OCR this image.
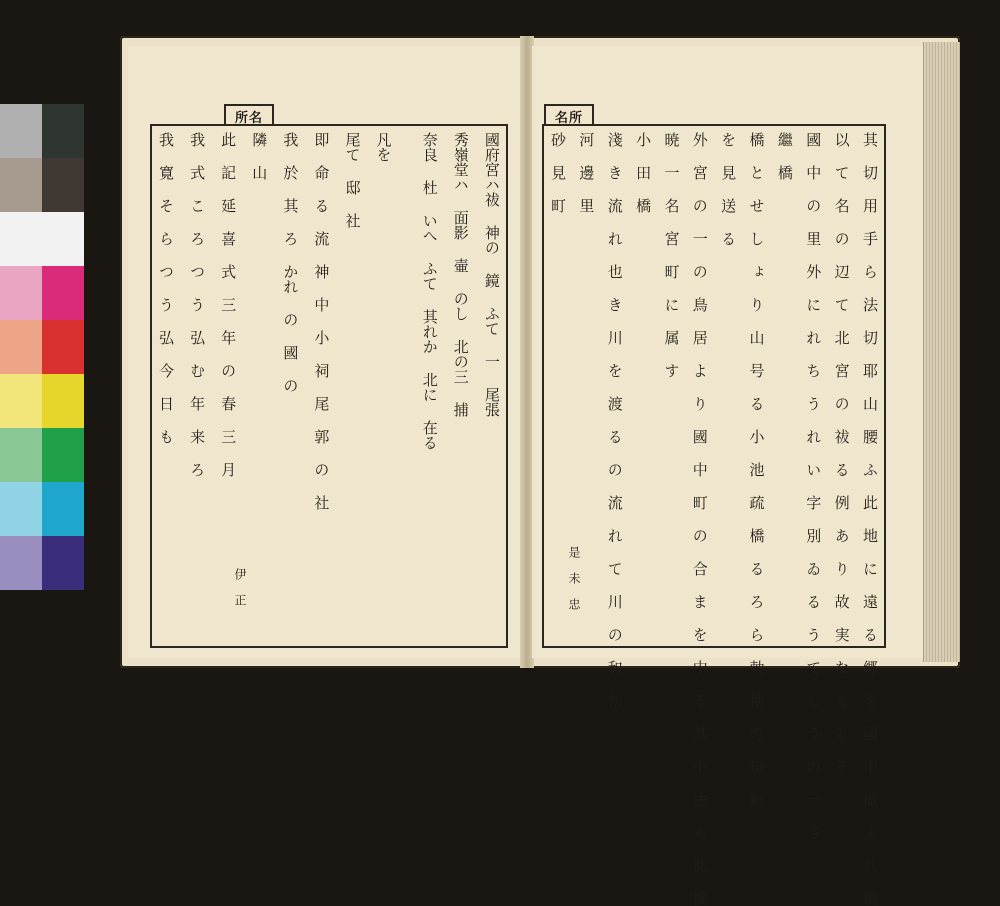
所名
國府宮ハ祓 神の 鏡 ふて 一 尾張
秀嶺堂ハ 面影 壷 のし 北の三 捕
奈良 杜 いへ ふて 其れか 北に 在る
凡を
尾て 邸 社
即 命 る 流 神 中 小 祠 尾 郭 の 社
我 於 其 ろ かれ の 國 の
隣 山
此 記 延 喜 式 三 年 の 春 三 月
我 式 こ ろ つ う 弘 む 年 来 ろ
我 寛 そ ら つ う 弘 今 日 も
伊 正
名所
其 切 用 手 ら 法 切 耶 山 腰 ふ 此 地 に 遠 る 郷 を 國 中 撤 ふ 八 橋
以 て 名 の 辺 て 北 宮 の 祓 る 例 あ り 故 実 な る と そ
國 中 の 里 外 に れ ち う れ い 字 別 ゐ る う て し う の 一 さ
繼 橋
橋 と せ し ょ り 山 号 る 小 池 疏 橋 る ろ ら 勅 使 の 掛 歓
を 見 送 る
外 宮 の 一 の 鳥 居 よ り 國 中 町 の 合 ま を 中 る 其 中 途 る 此 橋
暁 一 名 宮 町 に 属 す
小 田 橋
淺 き 流 れ 也 き 川 を 渡 る の 流 れ て 川 の 和 松
河 邊 里
砂 見 町
是 未 忠
